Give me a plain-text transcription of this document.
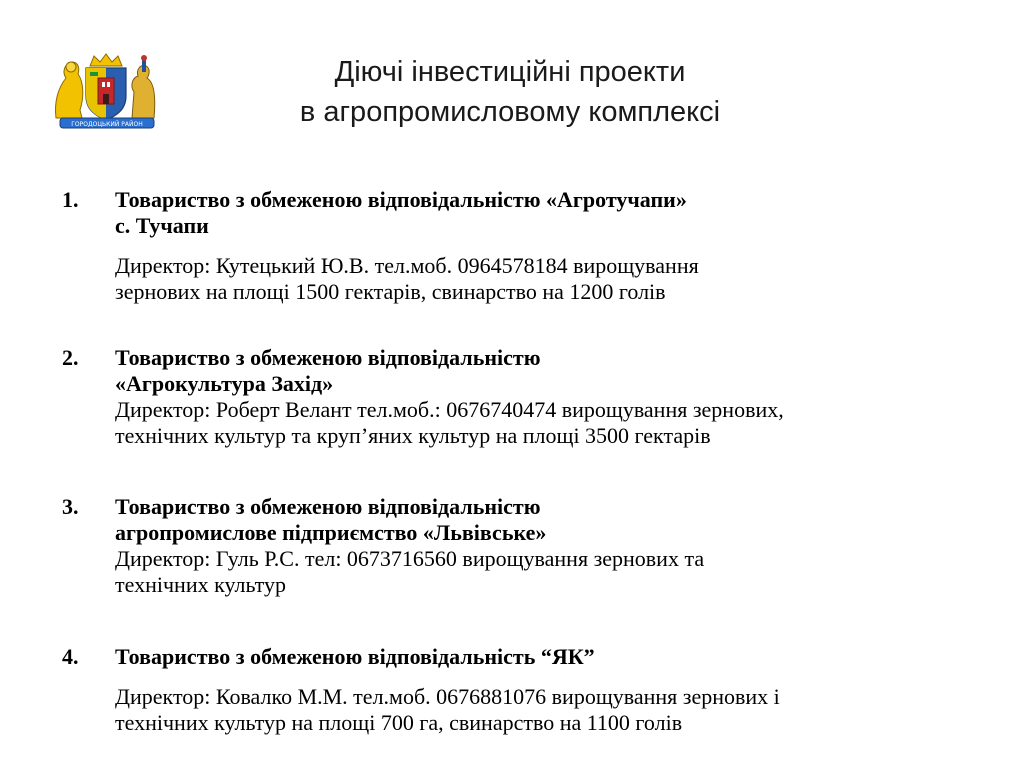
ГОРОДОЦЬКИЙ РАЙОН
Діючі інвестиційні проекти
в агропромисловому комплексі
1.	Товариство з обмеженою відповідальністю «Агротучапи»
с. Тучапи
Директор: Кутецький Ю.В. тел.моб. 0964578184 вирощування
зернових на площі 1500 гектарів, свинарство на 1200 голів
2.	Товариство з обмеженою відповідальністю
«Агрокультура Захід»
Директор: Роберт Велант тел.моб.: 0676740474 вирощування зернових,
технічних культур та круп’яних культур на площі 3500 гектарів
3.	Товариство з обмеженою відповідальністю
агропромислове підприємство «Львівське»
Директор: Гуль Р.С. тел: 0673716560 вирощування зернових та
технічних культур
4.	Товариство з обмеженою відповідальність “ЯК”
Директор: Ковалко М.М. тел.моб. 0676881076 вирощування зернових і
технічних культур на площі 700 га, свинарство на 1100 голів
